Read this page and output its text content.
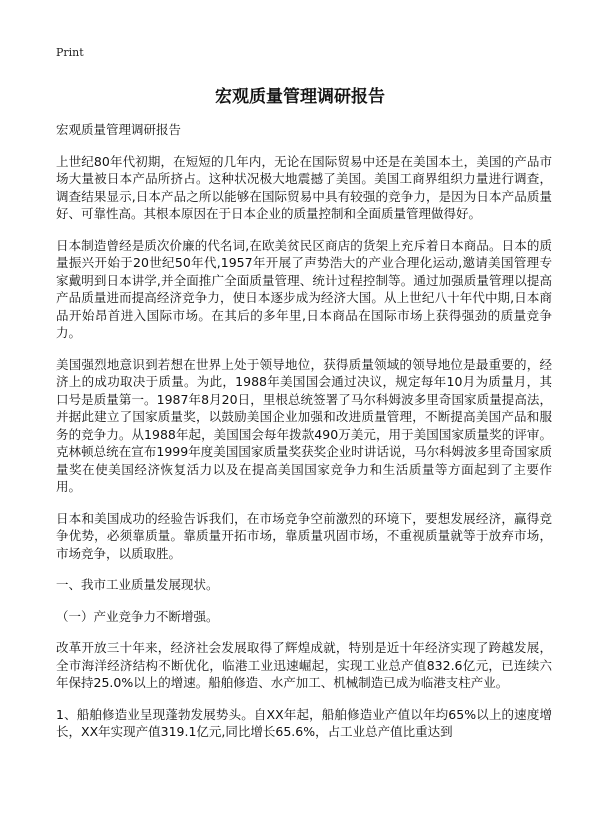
Print
宏观质量管理调研报告

宏观质量管理调研报告

上世纪80年代初期，在短短的几年内，无论在国际贸易中还是在美国本土，美国的产品市场大量被日本产品所挤占。这种状况极大地震撼了美国。美国工商界组织力量进行调查，调查结果显示,日本产品之所以能够在国际贸易中具有较强的竞争力，是因为日本产品质量好、可靠性高。其根本原因在于日本企业的质量控制和全面质量管理做得好。

日本制造曾经是质次价廉的代名词,在欧美贫民区商店的货架上充斥着日本商品。日本的质量振兴开始于20世纪50年代,1957年开展了声势浩大的产业合理化运动,邀请美国管理专家戴明到日本讲学,并全面推广全面质量管理、统计过程控制等。通过加强质量管理以提高产品质量进而提高经济竞争力，使日本逐步成为经济大国。从上世纪八十年代中期,日本商品开始昂首进入国际市场。在其后的多年里,日本商品在国际市场上获得强劲的质量竞争力。

美国强烈地意识到若想在世界上处于领导地位，获得质量领域的领导地位是最重要的，经济上的成功取决于质量。为此，1988年美国国会通过决议，规定每年10月为质量月，其口号是质量第一。1987年8月20日，里根总统签署了马尔科姆波多里奇国家质量提高法，并据此建立了国家质量奖，以鼓励美国企业加强和改进质量管理，不断提高美国产品和服务的竞争力。从1988年起，美国国会每年拨款490万美元，用于美国国家质量奖的评审。克林顿总统在宣布1999年度美国国家质量奖获奖企业时讲话说，马尔科姆波多里奇国家质量奖在使美国经济恢复活力以及在提高美国国家竞争力和生活质量等方面起到了主要作用。

日本和美国成功的经验告诉我们，在市场竞争空前激烈的环境下，要想发展经济，赢得竞争优势，必须靠质量。靠质量开拓市场，靠质量巩固市场，不重视质量就等于放弃市场，市场竞争，以质取胜。

一、我市工业质量发展现状。

（一）产业竞争力不断增强。

改革开放三十年来，经济社会发展取得了辉煌成就，特别是近十年经济实现了跨越发展，全市海洋经济结构不断优化，临港工业迅速崛起，实现工业总产值832.6亿元，已连续六年保持25.0%以上的增速。船舶修造、水产加工、机械制造已成为临港支柱产业。

1、船舶修造业呈现蓬勃发展势头。自XX年起，船舶修造业产值以年均65%以上的速度增长，XX年实现产值319.1亿元,同比增长65.6%，占工业总产值比重达到
